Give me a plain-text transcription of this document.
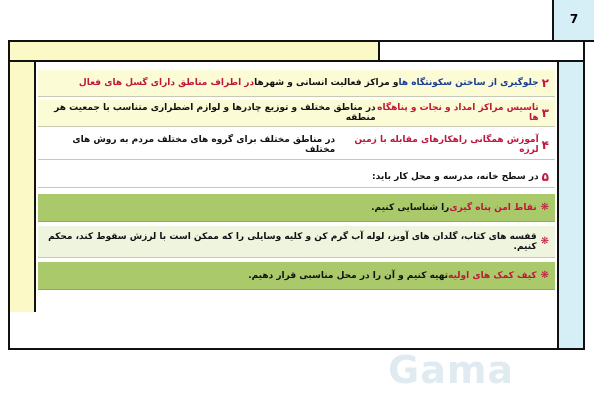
۲
جلوگیری از ساختن سکونتگاه ها
و مراکز فعالیت انسانی و شهرها
در اطراف مناطق دارای گسل های فعال
۳
تاسیس مراکز امداد و نجات و پناهگاه ها
در مناطق مختلف و توزیع چادرها و لوازم اضطراری متناسب با جمعیت هر منطقه
۴
آموزش همگانی راهکارهای مقابله با زمین لرزه
در مناطق مختلف برای گروه های مختلف مردم به روش های مختلف
۵
در سطح خانه، مدرسه و محل کار باید:
❋
نقاط امن پناه گیری
را شناسایی کنیم.
❋
قفسه های کتاب، گلدان های آویز، لوله آب گرم کن و کلیه وسایلی را که ممکن است با لرزش سقوط کند، محکم کنیم.
❋
کیف کمک های اولیه
تهیه کنیم و آن را در محل مناسبی قرار دهیم.
7
Gama
